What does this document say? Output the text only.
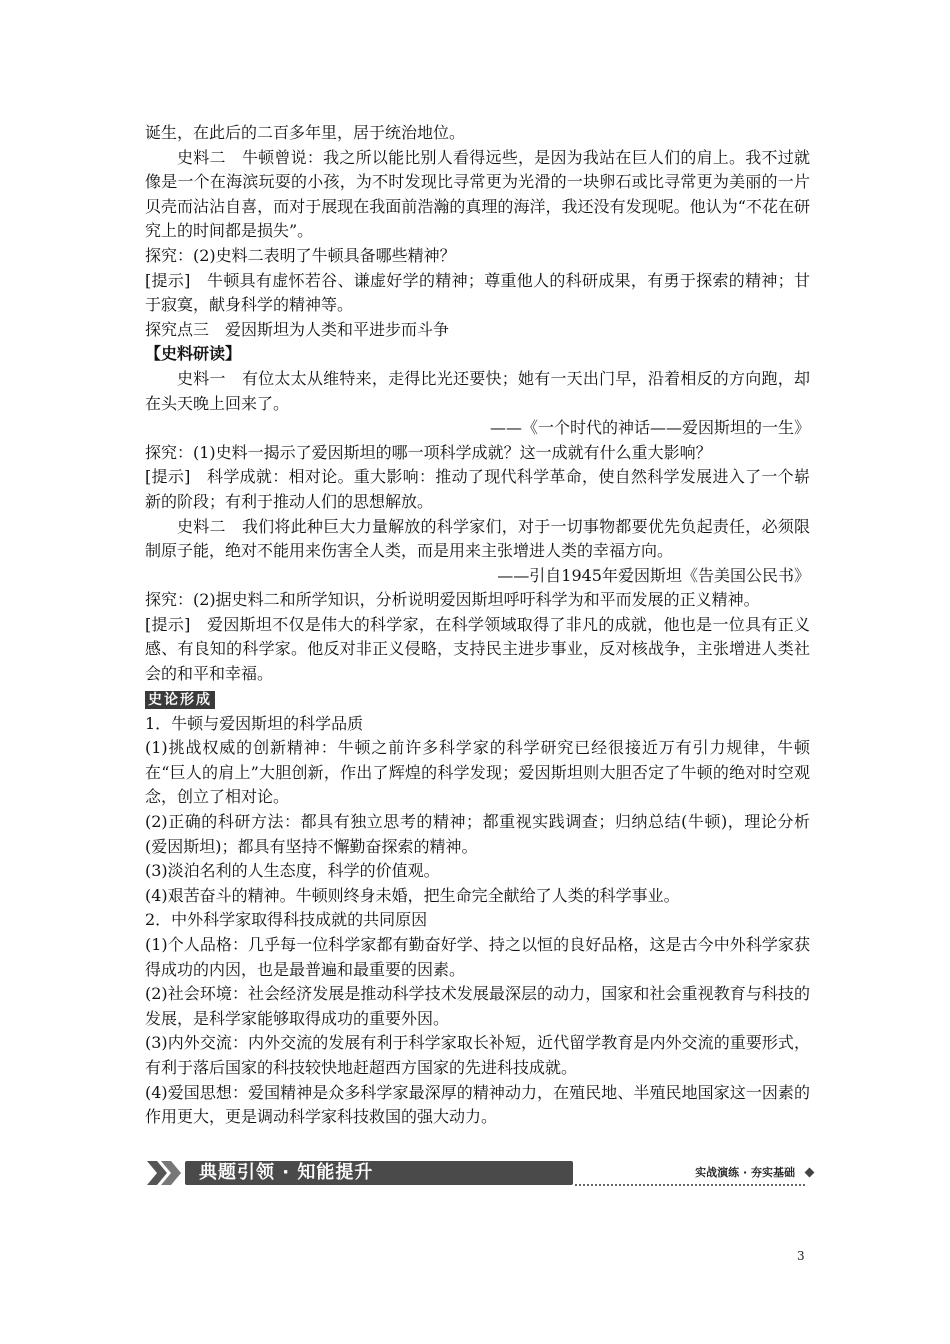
诞生，在此后的二百多年里，居于统治地位。

史料二　牛顿曾说：我之所以能比别人看得远些，是因为我站在巨人们的肩上。我不过就像是一个在海滨玩耍的小孩，为不时发现比寻常更为光滑的一块卵石或比寻常更为美丽的一片贝壳而沾沾自喜，而对于展现在我面前浩瀚的真理的海洋，我还没有发现呢。他认为“不花在研究上的时间都是损失”。

探究：(2)史料二表明了牛顿具备哪些精神？

[提示]　牛顿具有虚怀若谷、谦虚好学的精神；尊重他人的科研成果，有勇于探索的精神；甘于寂寞，献身科学的精神等。

探究点三　爱因斯坦为人类和平进步而斗争

【史料研读】

史料一　有位太太从维特来，走得比光还要快；她有一天出门早，沿着相反的方向跑，却在头天晚上回来了。

——《一个时代的神话——爱因斯坦的一生》

探究：(1)史料一揭示了爱因斯坦的哪一项科学成就？这一成就有什么重大影响？

[提示]　科学成就：相对论。重大影响：推动了现代科学革命，使自然科学发展进入了一个崭新的阶段；有利于推动人们的思想解放。

史料二　我们将此种巨大力量解放的科学家们，对于一切事物都要优先负起责任，必须限制原子能，绝对不能用来伤害全人类，而是用来主张增进人类的幸福方向。

——引自1945年爱因斯坦《告美国公民书》

探究：(2)据史料二和所学知识，分析说明爱因斯坦呼吁科学为和平而发展的正义精神。

[提示]　爱因斯坦不仅是伟大的科学家，在科学领域取得了非凡的成就，他也是一位具有正义感、有良知的科学家。他反对非正义侵略，支持民主进步事业，反对核战争，主张增进人类社会的和平和幸福。

史论形成

1．牛顿与爱因斯坦的科学品质

(1)挑战权威的创新精神：牛顿之前许多科学家的科学研究已经很接近万有引力规律，牛顿在“巨人的肩上”大胆创新，作出了辉煌的科学发现；爱因斯坦则大胆否定了牛顿的绝对时空观念，创立了相对论。

(2)正确的科研方法：都具有独立思考的精神；都重视实践调查；归纳总结(牛顿)，理论分析(爱因斯坦)；都具有坚持不懈勤奋探索的精神。

(3)淡泊名利的人生态度，科学的价值观。

(4)艰苦奋斗的精神。牛顿则终身未婚，把生命完全献给了人类的科学事业。

2．中外科学家取得科技成就的共同原因

(1)个人品格：几乎每一位科学家都有勤奋好学、持之以恒的良好品格，这是古今中外科学家获得成功的内因，也是最普遍和最重要的因素。

(2)社会环境：社会经济发展是推动科学技术发展最深层的动力，国家和社会重视教育与科技的发展，是科学家能够取得成功的重要外因。

(3)内外交流：内外交流的发展有利于科学家取长补短，近代留学教育是内外交流的重要形式，有利于落后国家的科技较快地赶超西方国家的先进科技成就。

(4)爱国思想：爱国精神是众多科学家最深厚的精神动力，在殖民地、半殖民地国家这一因素的作用更大，更是调动科学家科技救国的强大动力。

典题引领 · 知能提升	实战演练 · 夯实基础
3
